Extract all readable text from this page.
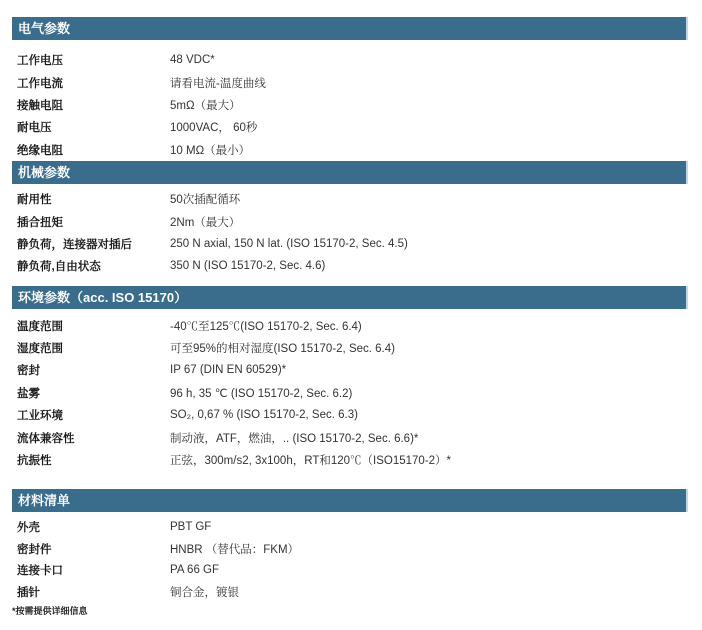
电气参数
工作电压	48 VDC*
工作电流	请看电流-温度曲线
接触电阻	5mΩ（最大）
耐电压	1000VAC， 60秒
绝缘电阻	10 MΩ（最小）
机械参数
耐用性	50次插配循环
插合扭矩	2Nm（最大）
静负荷，连接器对插后	250 N axial, 150 N lat. (ISO 15170-2, Sec. 4.5)
静负荷,自由状态	350 N (ISO 15170-2, Sec. 4.6)
环境参数（acc. ISO 15170）
温度范围	-40℃至125℃(ISO 15170-2, Sec. 6.4)
湿度范围	可至95%的相对湿度(ISO 15170-2, Sec. 6.4)
密封	IP 67 (DIN EN 60529)*
盐雾	96 h, 35 ℃ (ISO 15170-2, Sec. 6.2)
工业环境	SO₂, 0,67 % (ISO 15170-2, Sec. 6.3)
流体兼容性	制动液，ATF，燃油，.. (ISO 15170-2, Sec. 6.6)*
抗振性	正弦，300m/s2, 3x100h，RT和120℃（ISO15170-2）*
材料清单
外壳	PBT GF
密封件	HNBR （替代品：FKM）
连接卡口	PA 66 GF
插针	铜合金，镀银
*按需提供详细信息
